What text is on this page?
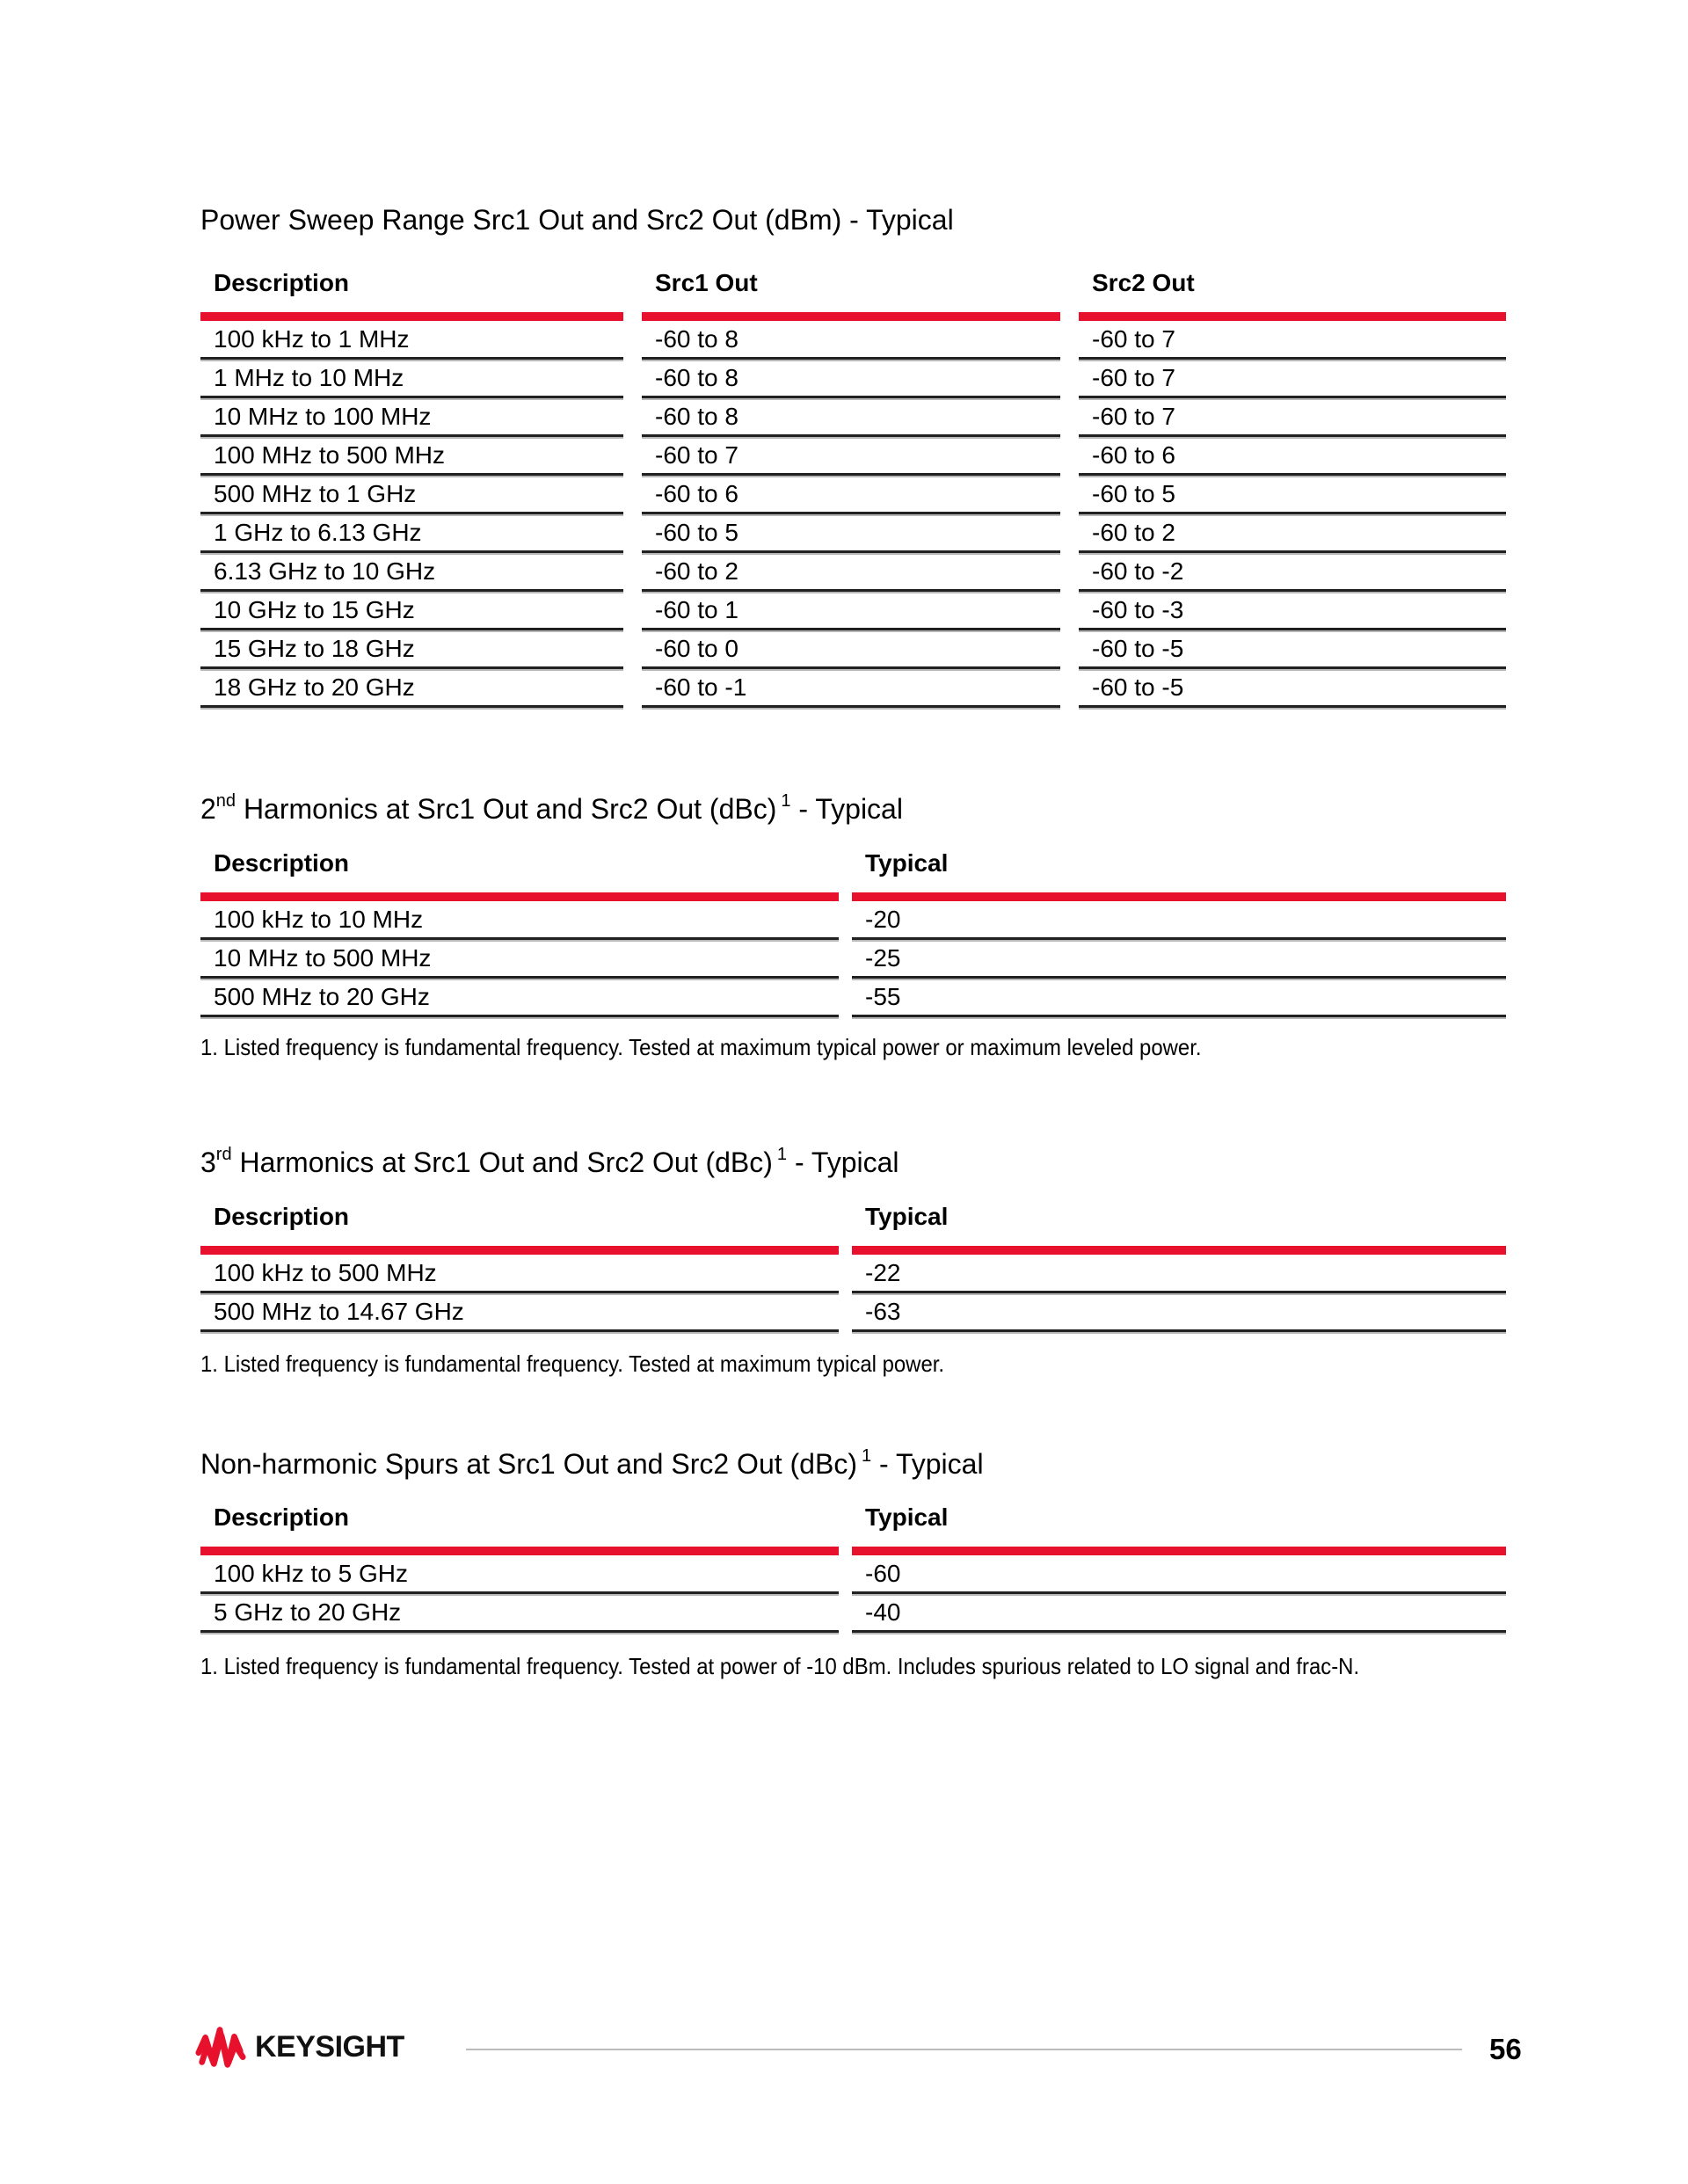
Power Sweep Range Src1 Out and Src2 Out (dBm) - Typical
Description	Src1 Out	Src2 Out
100 kHz to 1 MHz	-60 to 8	-60 to 7
1 MHz to 10 MHz	-60 to 8	-60 to 7
10 MHz to 100 MHz	-60 to 8	-60 to 7
100 MHz to 500 MHz	-60 to 7	-60 to 6
500 MHz to 1 GHz	-60 to 6	-60 to 5
1 GHz to 6.13 GHz	-60 to 5	-60 to 2
6.13 GHz to 10 GHz	-60 to 2	-60 to -2
10 GHz to 15 GHz	-60 to 1	-60 to -3
15 GHz to 18 GHz	-60 to 0	-60 to -5
18 GHz to 20 GHz	-60 to -1	-60 to -5
2nd Harmonics at Src1 Out and Src2 Out (dBc) $^1$ - Typical
Description	Typical
100 kHz to 10 MHz	-20
10 MHz to 500 MHz	-25
500 MHz to 20 GHz	-55

1. Listed frequency is fundamental frequency. Tested at maximum typical power or maximum leveled power.

3rd Harmonics at Src1 Out and Src2 Out (dBc) $^1$ - Typical
Description	Typical
100 kHz to 500 MHz	-22
500 MHz to 14.67 GHz	-63

1. Listed frequency is fundamental frequency. Tested at maximum typical power.

Non-harmonic Spurs at Src1 Out and Src2 Out (dBc) $^1$ - Typical
Description	Typical
100 kHz to 5 GHz	-60
5 GHz to 20 GHz	-40

1. Listed frequency is fundamental frequency. Tested at power of -10 dBm. Includes spurious related to LO signal and frac-N.

KEYSIGHT	56
